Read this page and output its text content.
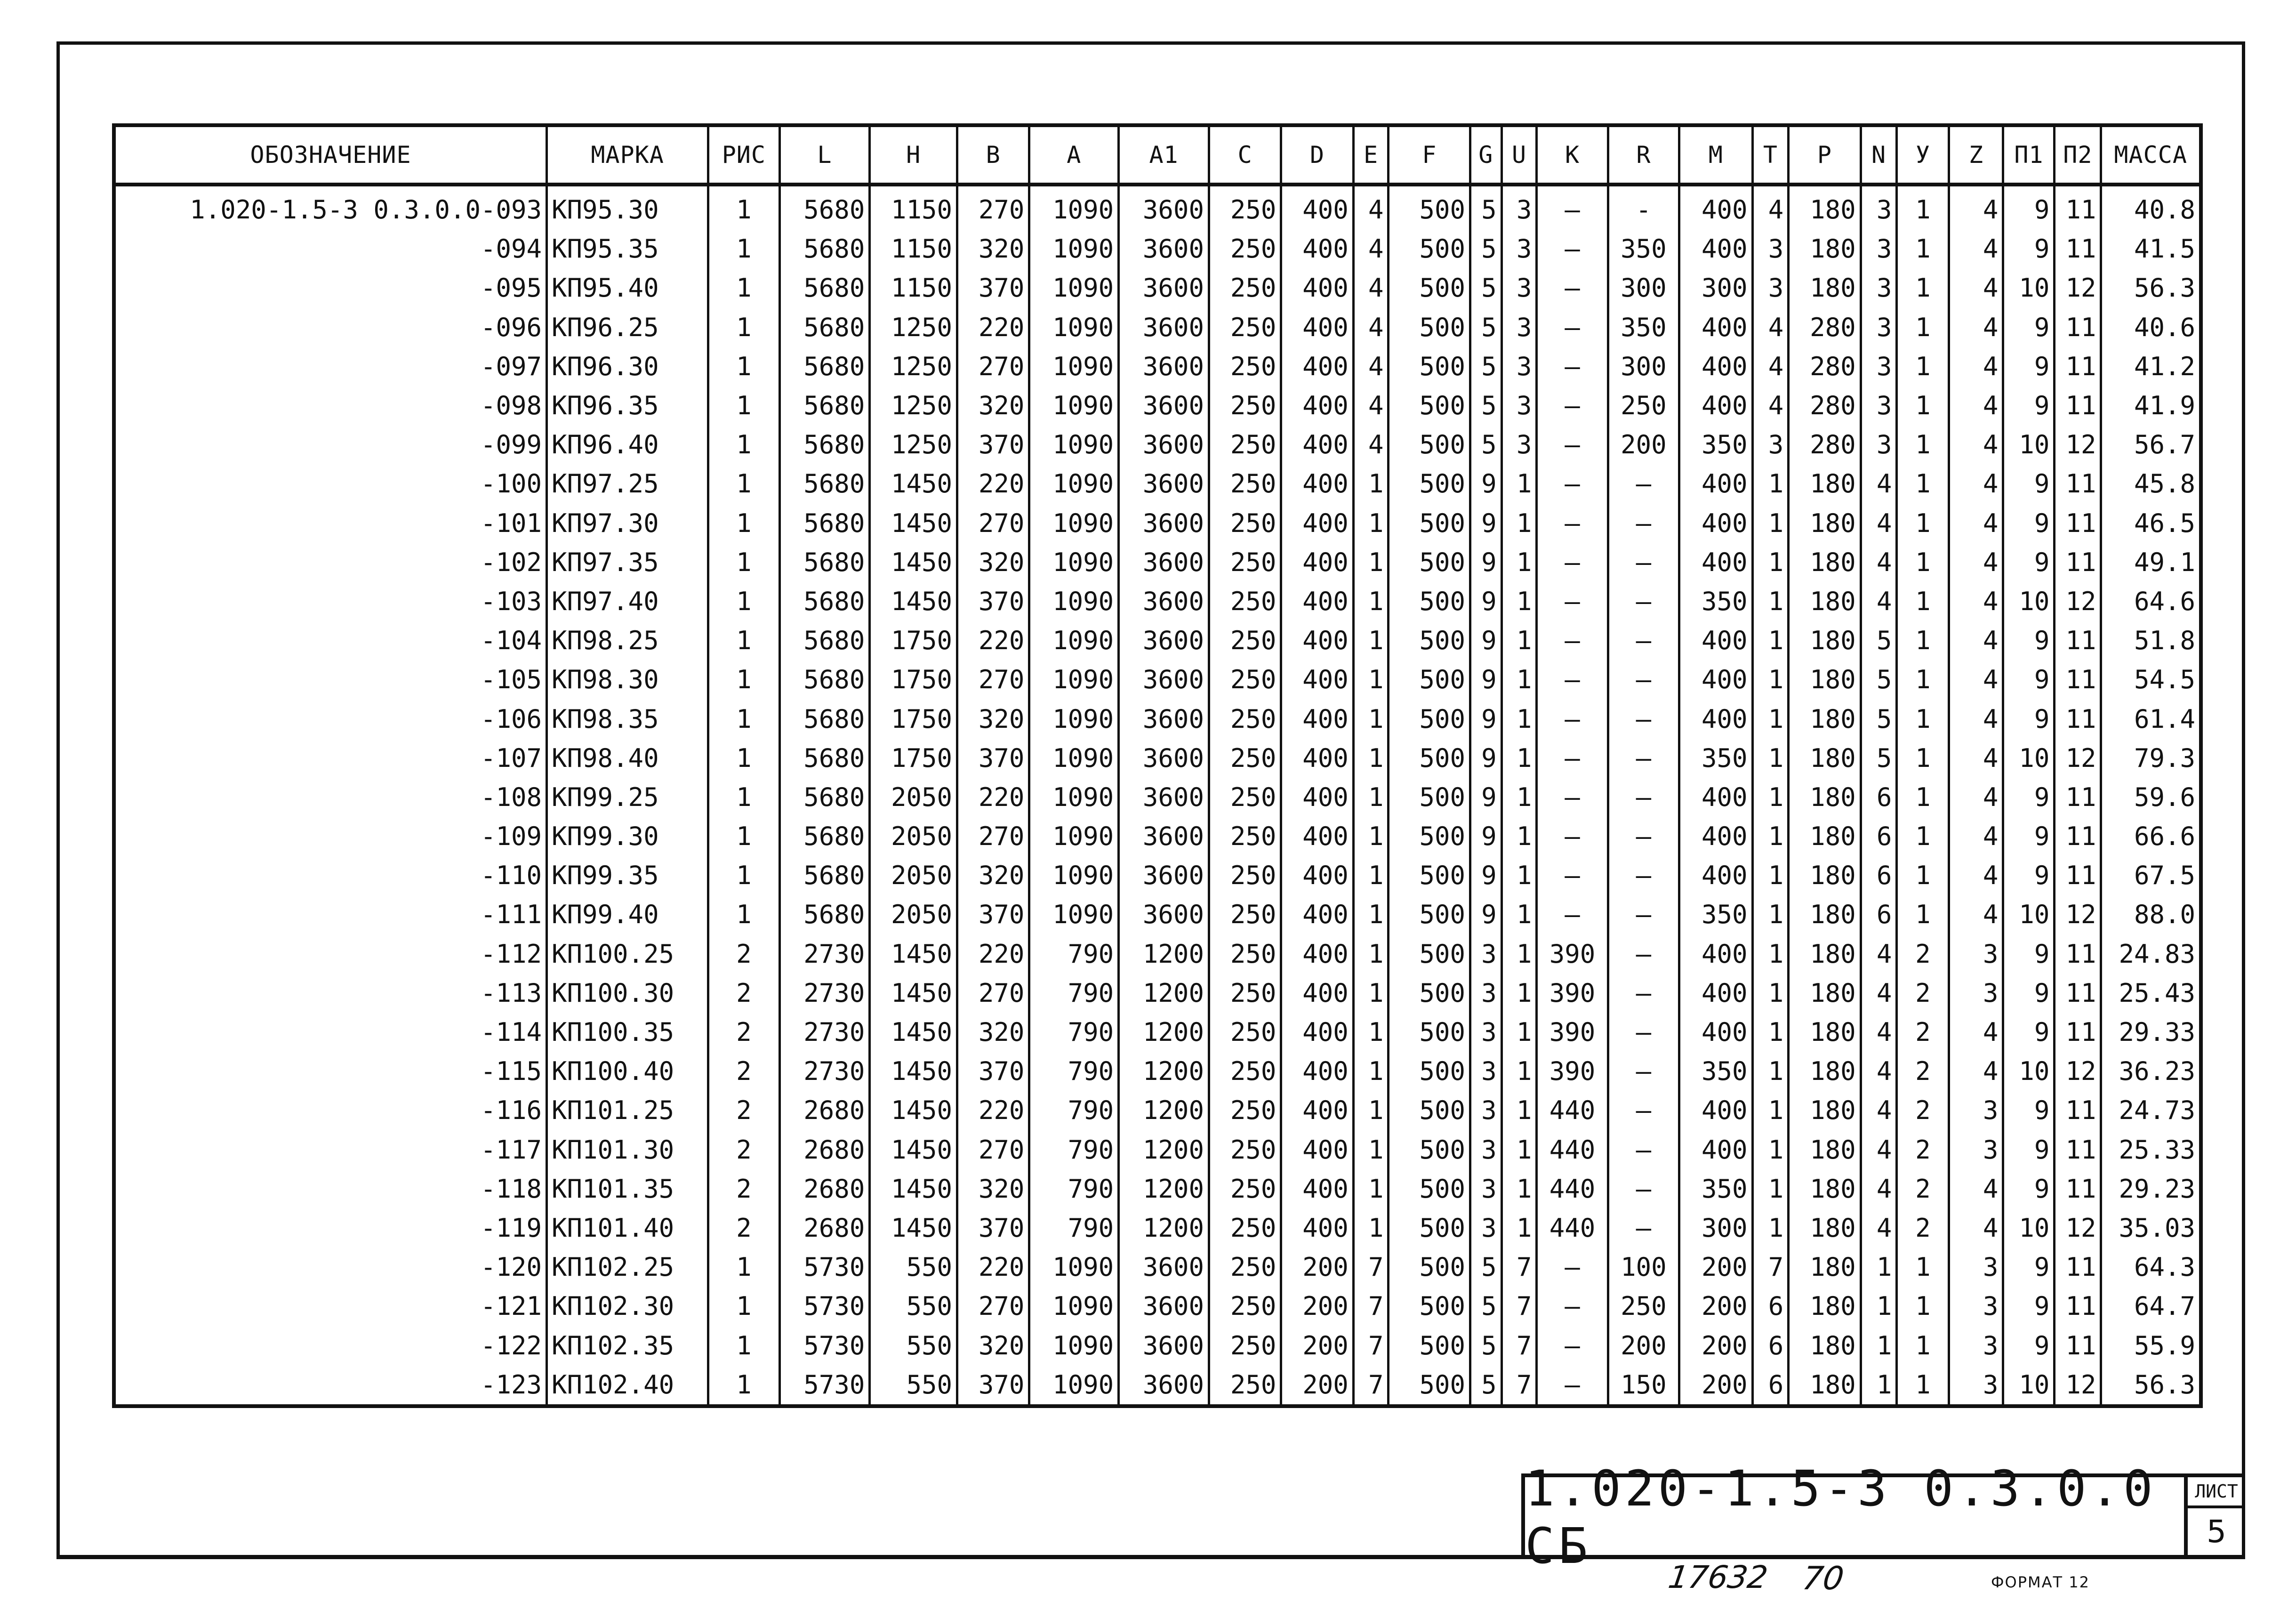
ОБОЗНАЧЕНИЕ	МАРКА	РИС	L	H	B	A	A1	C	D	E	F	G	U	K	R	M	T	P	N	У	Z	П1	П2	МАССА
1.020-1.5-3 0.3.0.0-093	КП95.30	1	5680	1150	270	1090	3600	250	400	4	500	5	3	–	-	400	4	180	3	1	4	9	11	40.8
-094	КП95.35	1	5680	1150	320	1090	3600	250	400	4	500	5	3	–	350	400	3	180	3	1	4	9	11	41.5
-095	КП95.40	1	5680	1150	370	1090	3600	250	400	4	500	5	3	–	300	300	3	180	3	1	4	10	12	56.3
-096	КП96.25	1	5680	1250	220	1090	3600	250	400	4	500	5	3	–	350	400	4	280	3	1	4	9	11	40.6
-097	КП96.30	1	5680	1250	270	1090	3600	250	400	4	500	5	3	–	300	400	4	280	3	1	4	9	11	41.2
-098	КП96.35	1	5680	1250	320	1090	3600	250	400	4	500	5	3	–	250	400	4	280	3	1	4	9	11	41.9
-099	КП96.40	1	5680	1250	370	1090	3600	250	400	4	500	5	3	–	200	350	3	280	3	1	4	10	12	56.7
-100	КП97.25	1	5680	1450	220	1090	3600	250	400	1	500	9	1	–	–	400	1	180	4	1	4	9	11	45.8
-101	КП97.30	1	5680	1450	270	1090	3600	250	400	1	500	9	1	–	–	400	1	180	4	1	4	9	11	46.5
-102	КП97.35	1	5680	1450	320	1090	3600	250	400	1	500	9	1	–	–	400	1	180	4	1	4	9	11	49.1
-103	КП97.40	1	5680	1450	370	1090	3600	250	400	1	500	9	1	–	–	350	1	180	4	1	4	10	12	64.6
-104	КП98.25	1	5680	1750	220	1090	3600	250	400	1	500	9	1	–	–	400	1	180	5	1	4	9	11	51.8
-105	КП98.30	1	5680	1750	270	1090	3600	250	400	1	500	9	1	–	—	400	1	180	5	1	4	9	11	54.5
-106	КП98.35	1	5680	1750	320	1090	3600	250	400	1	500	9	1	–	–	400	1	180	5	1	4	9	11	61.4
-107	КП98.40	1	5680	1750	370	1090	3600	250	400	1	500	9	1	–	–	350	1	180	5	1	4	10	12	79.3
-108	КП99.25	1	5680	2050	220	1090	3600	250	400	1	500	9	1	–	–	400	1	180	6	1	4	9	11	59.6
-109	КП99.30	1	5680	2050	270	1090	3600	250	400	1	500	9	1	–	–	400	1	180	6	1	4	9	11	66.6
-110	КП99.35	1	5680	2050	320	1090	3600	250	400	1	500	9	1	–	–	400	1	180	6	1	4	9	11	67.5
-111	КП99.40	1	5680	2050	370	1090	3600	250	400	1	500	9	1	–	–	350	1	180	6	1	4	10	12	88.0
-112	КП100.25	2	2730	1450	220	790	1200	250	400	1	500	3	1	390	–	400	1	180	4	2	3	9	11	24.83
-113	КП100.30	2	2730	1450	270	790	1200	250	400	1	500	3	1	390	–	400	1	180	4	2	3	9	11	25.43
-114	КП100.35	2	2730	1450	320	790	1200	250	400	1	500	3	1	390	–	400	1	180	4	2	4	9	11	29.33
-115	КП100.40	2	2730	1450	370	790	1200	250	400	1	500	3	1	390	–	350	1	180	4	2	4	10	12	36.23
-116	КП101.25	2	2680	1450	220	790	1200	250	400	1	500	3	1	440	–	400	1	180	4	2	3	9	11	24.73
-117	КП101.30	2	2680	1450	270	790	1200	250	400	1	500	3	1	440	–	400	1	180	4	2	3	9	11	25.33
-118	КП101.35	2	2680	1450	320	790	1200	250	400	1	500	3	1	440	–	350	1	180	4	2	4	9	11	29.23
-119	КП101.40	2	2680	1450	370	790	1200	250	400	1	500	3	1	440	–	300	1	180	4	2	4	10	12	35.03
-120	КП102.25	1	5730	550	220	1090	3600	250	200	7	500	5	7	–	100	200	7	180	1	1	3	9	11	64.3
-121	КП102.30	1	5730	550	270	1090	3600	250	200	7	500	5	7	–	250	200	6	180	1	1	3	9	11	64.7
-122	КП102.35	1	5730	550	320	1090	3600	250	200	7	500	5	7	–	200	200	6	180	1	1	3	9	11	55.9
-123	КП102.40	1	5730	550	370	1090	3600	250	200	7	500	5	7	–	150	200	6	180	1	1	3	10	12	56.3
1.020-1.5-3 0.3.0.0 СБ
ЛИСТ
5
17632 70	ФОРМАТ 12
